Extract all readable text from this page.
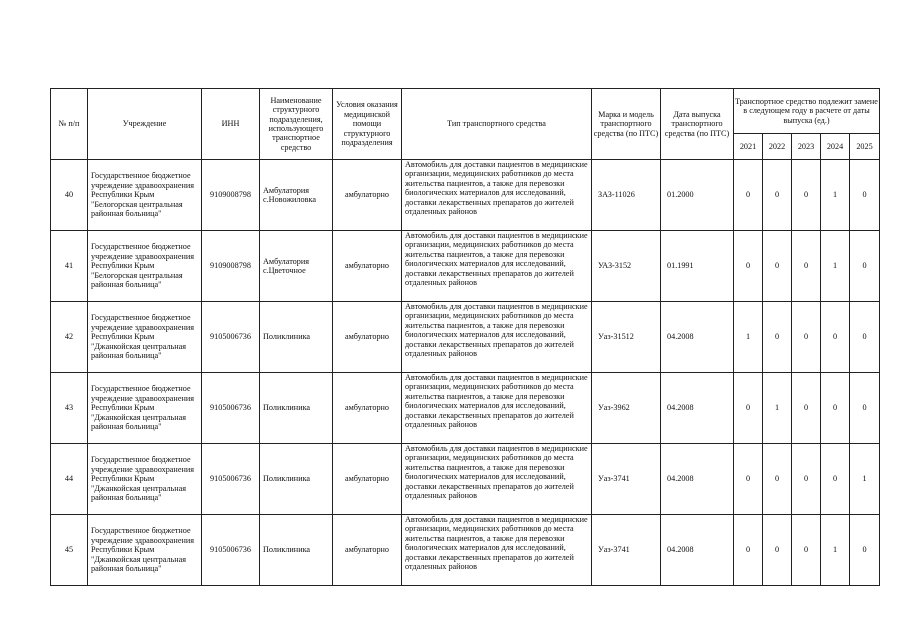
№ п/п	Учреждение	ИНН	Наименование структурного подразделения, использующего транспортное средство	Условия оказания медицинской помощи структурного подразделения	Тип транспортного средства	Марка и модель транспортного средства (по ПТС)	Дата выпуска транспортного средства (по ПТС)	Транспортное средство подлежит замене в следующем году в расчете от даты выпуска (ед.)				
								2021	2022	2023	2024	2025
40	Государственное бюджетное учреждение здравоохранения Республики Крым "Белогорская центральная районная больница"	9109008798	Амбулатория с.Новожиловка	амбулаторно	Автомобиль для доставки пациентов в медицинские организации, медицинских работников до места жительства пациентов, а также для перевозки биологических материалов для исследований, доставки лекарственных препаратов до жителей отдаленных районов	ЗАЗ-11026	01.2000	0	0	0	1	0
41	Государственное бюджетное учреждение здравоохранения Республики Крым "Белогорская центральная районная больница"	9109008798	Амбулатория с.Цветочное	амбулаторно	Автомобиль для доставки пациентов в медицинские организации, медицинских работников до места жительства пациентов, а также для перевозки биологических материалов для исследований, доставки лекарственных препаратов до жителей отдаленных районов	УАЗ-3152	01.1991	0	0	0	1	0
42	Государственное бюджетное учреждение здравоохранения Республики Крым "Джанкойская центральная районная больница"	9105006736	Поликлиника	амбулаторно	Автомобиль для доставки пациентов в медицинские организации, медицинских работников до места жительства пациентов, а также для перевозки биологических материалов для исследований, доставки лекарственных препаратов до жителей отдаленных районов	Уаз-31512	04.2008	1	0	0	0	0
43	Государственное бюджетное учреждение здравоохранения Республики Крым "Джанкойская центральная районная больница"	9105006736	Поликлиника	амбулаторно	Автомобиль для доставки пациентов в медицинские организации, медицинских работников до места жительства пациентов, а также для перевозки биологических материалов для исследований, доставки лекарственных препаратов до жителей отдаленных районов	Уаз-3962	04.2008	0	1	0	0	0
44	Государственное бюджетное учреждение здравоохранения Республики Крым "Джанкойская центральная районная больница"	9105006736	Поликлиника	амбулаторно	Автомобиль для доставки пациентов в медицинские организации, медицинских работников до места жительства пациентов, а также для перевозки биологических материалов для исследований, доставки лекарственных препаратов до жителей отдаленных районов	Уаз-3741	04.2008	0	0	0	0	1
45	Государственное бюджетное учреждение здравоохранения Республики Крым "Джанкойская центральная районная больница"	9105006736	Поликлиника	амбулаторно	Автомобиль для доставки пациентов в медицинские организации, медицинских работников до места жительства пациентов, а также для перевозки биологических материалов для исследований, доставки лекарственных препаратов до жителей отдаленных районов	Уаз-3741	04.2008	0	0	0	1	0
